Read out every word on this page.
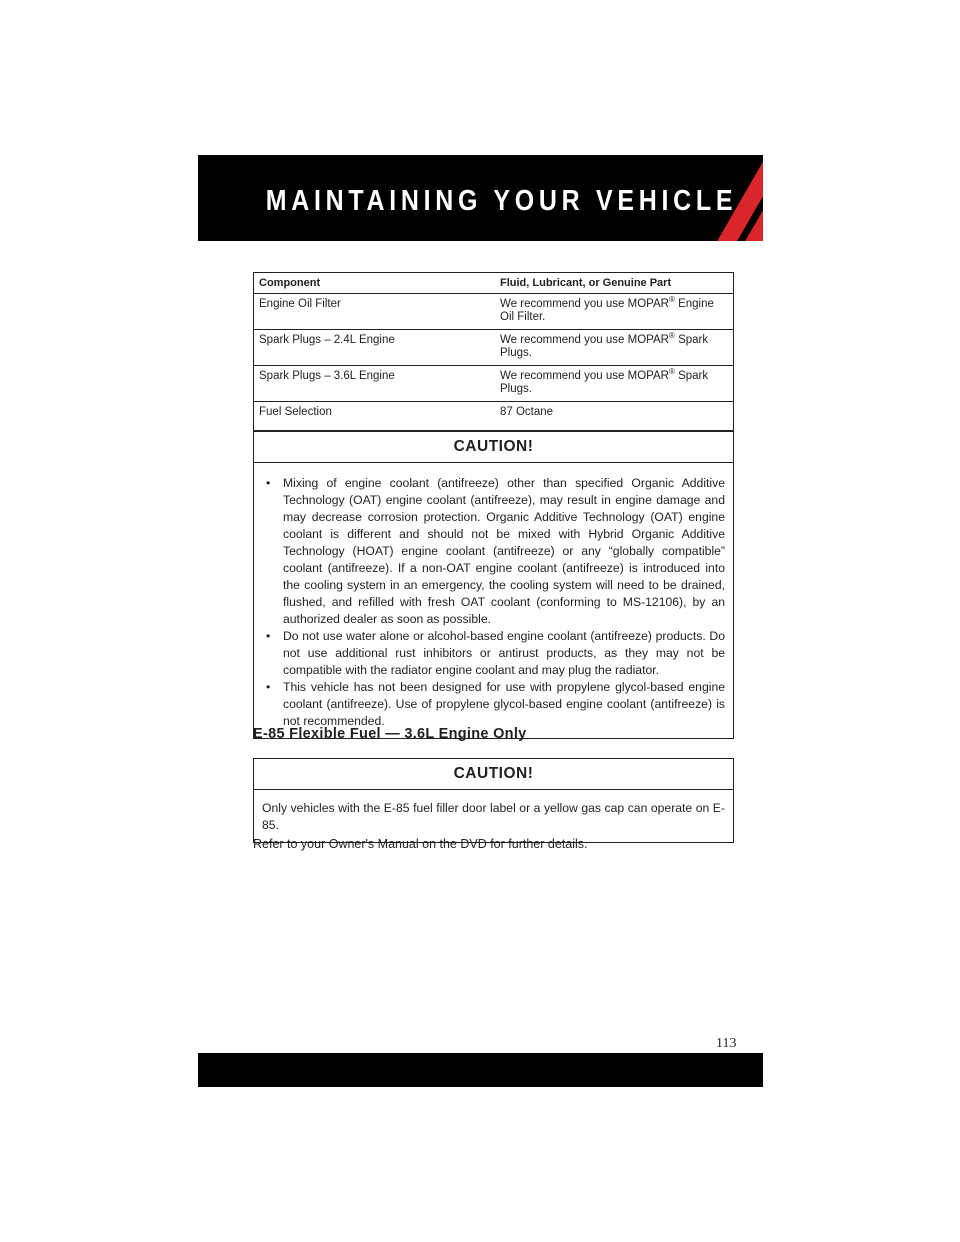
MAINTAINING YOUR VEHICLE
Component	Fluid, Lubricant, or Genuine Part
Engine Oil Filter	We recommend you use MOPAR® Engine Oil Filter.
Spark Plugs – 2.4L Engine	We recommend you use MOPAR® Spark Plugs.
Spark Plugs – 3.6L Engine	We recommend you use MOPAR® Spark Plugs.
Fuel Selection	87 Octane
CAUTION!
• Mixing of engine coolant (antifreeze) other than specified Organic Additive Technology (OAT) engine coolant (antifreeze), may result in engine damage and may decrease corrosion protection. Organic Additive Technology (OAT) engine coolant is different and should not be mixed with Hybrid Organic Additive Technology (HOAT) engine coolant (antifreeze) or any “globally compatible” coolant (antifreeze). If a non-OAT engine coolant (antifreeze) is introduced into the cooling system in an emergency, the cooling system will need to be drained, flushed, and refilled with fresh OAT coolant (conforming to MS-12106), by an authorized dealer as soon as possible.
• Do not use water alone or alcohol-based engine coolant (antifreeze) products. Do not use additional rust inhibitors or antirust products, as they may not be compatible with the radiator engine coolant and may plug the radiator.
• This vehicle has not been designed for use with propylene glycol-based engine coolant (antifreeze). Use of propylene glycol-based engine coolant (antifreeze) is not recommended.
E-85 Flexible Fuel — 3.6L Engine Only
CAUTION!
Only vehicles with the E-85 fuel filler door label or a yellow gas cap can operate on E-85.
Refer to your Owner's Manual on the DVD for further details.
113
